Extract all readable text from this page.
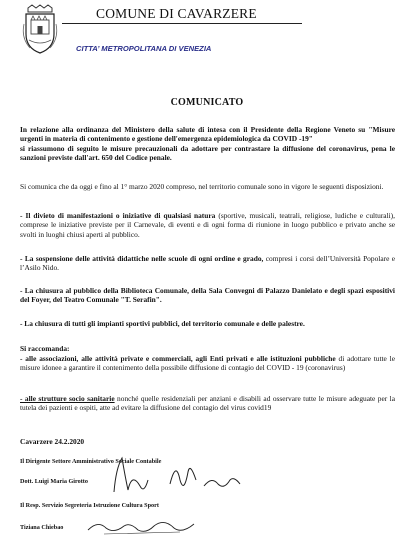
COMUNE DI CAVARZERE
CITTA’ METROPOLITANA DI VENEZIA
COMUNICATO
In relazione alla ordinanza del Ministero della salute di intesa con il Presidente della Regione Veneto su "Misure urgenti in materia di contenimento e gestione dell'emergenza epidemiologica da COVID -19"
si riassumono di seguito le misure precauzionali da adottare per contrastare la diffusione del coronavirus, pena le sanzioni previste dall'art. 650 del Codice penale.
Si comunica che da oggi e fino al 1° marzo 2020 compreso, nel territorio comunale sono in vigore le seguenti disposizioni.
- Il divieto di manifestazioni o iniziative di qualsiasi natura (sportive, musicali, teatrali, religiose, ludiche e culturali), comprese le iniziative previste per il Carnevale, di eventi e di ogni forma di riunione in luogo pubblico e privato anche se svolti in luoghi chiusi aperti al pubblico.
- La sospensione delle attività didattiche nelle scuole di ogni ordine e grado, compresi i corsi dell’Università Popolare e l’Asilo Nido.
- La chiusura al pubblico della Biblioteca Comunale, della Sala Convegni di Palazzo Danielato e degli spazi espositivi del Foyer, del Teatro Comunale "T. Serafin".
- La chiusura di tutti gli impianti sportivi pubblici, del territorio comunale e delle palestre.
Si raccomanda:
- alle associazioni, alle attività private e commerciali, agli Enti privati e alle istituzioni pubbliche di adottare tutte le misure idonee a garantire il contenimento della possibile diffusione di contagio del COVID - 19 (coronavirus)
- alle strutture socio sanitarie nonché quelle residenziali per anziani e disabili ad osservare tutte le misure adeguate per la tutela dei pazienti e ospiti, atte ad evitare la diffusione del contagio del virus covid19
Cavarzere 24.2.2020
Il Dirigente Settore Amministrativo Sociale Contabile
Dott. Luigi Maria Girotto
Il Resp. Servizio Segreteria Istruzione Cultura Sport
Tiziana Chiebao
